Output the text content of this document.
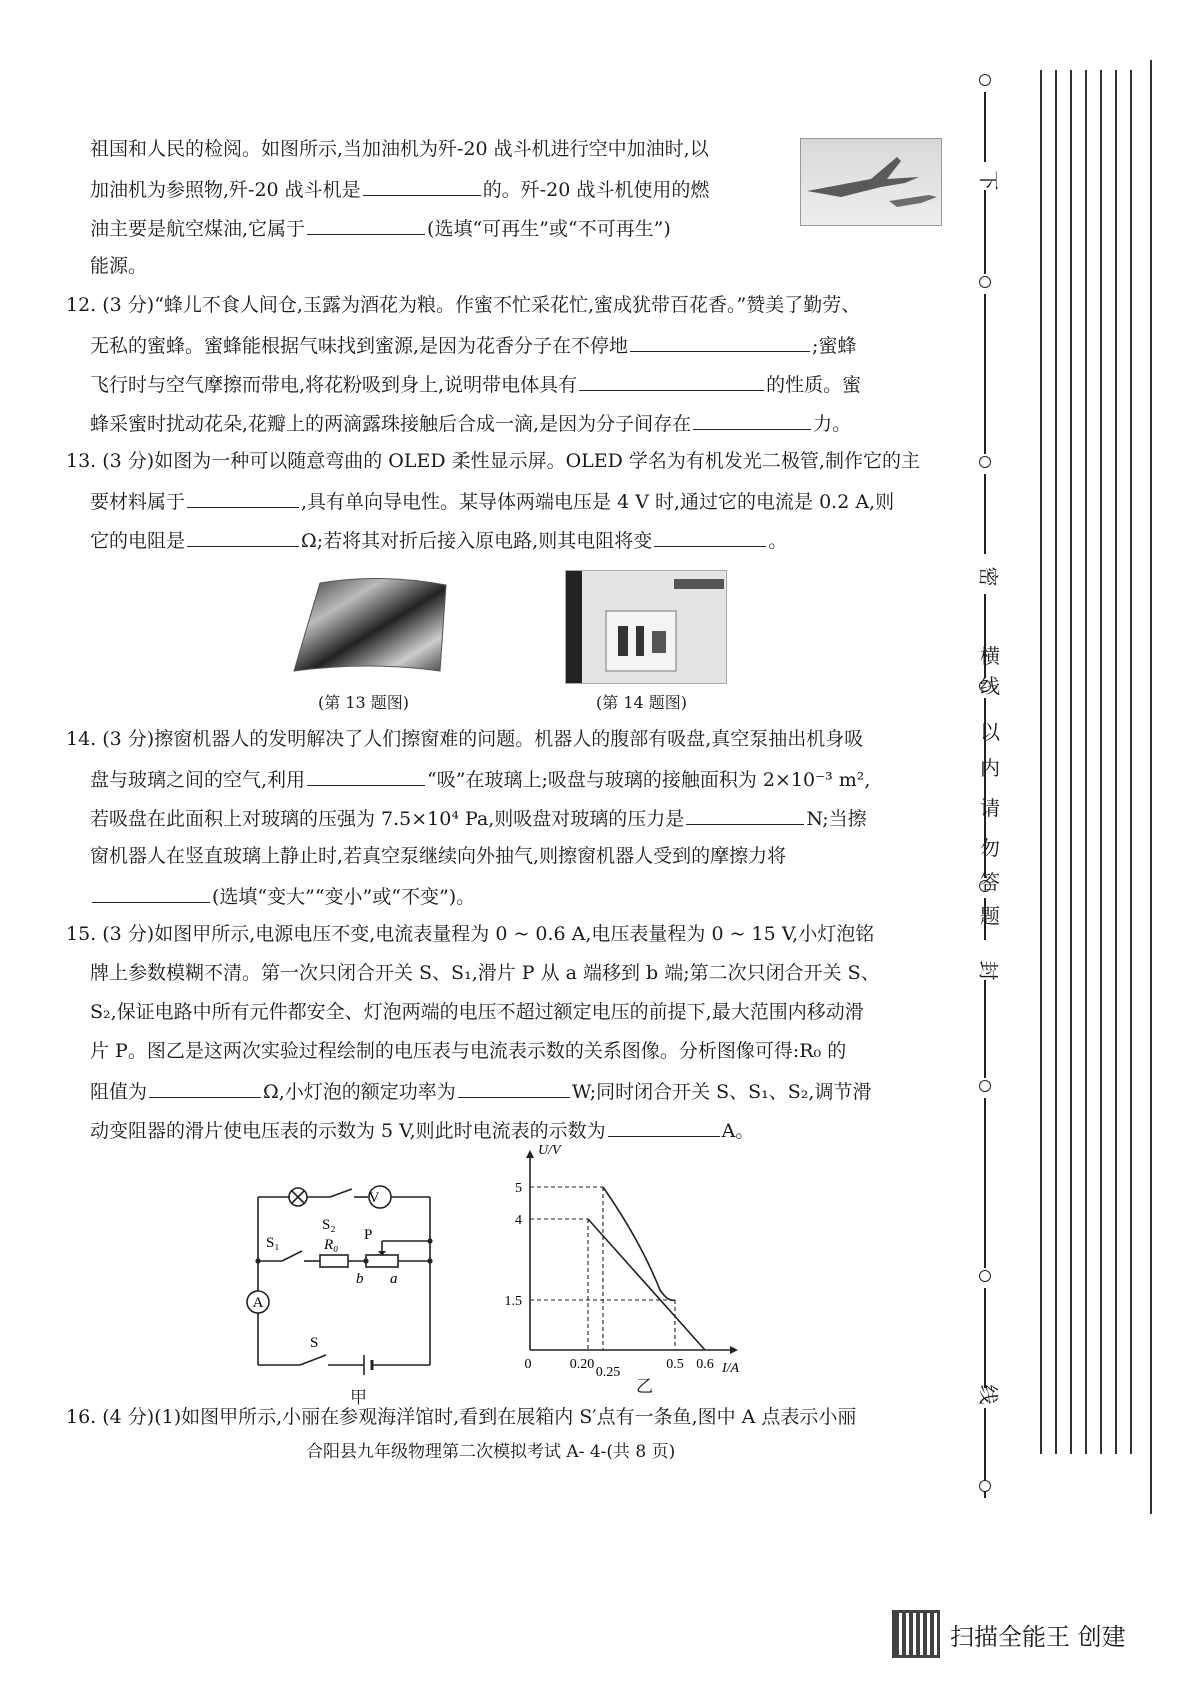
祖国和人民的检阅。如图所示,当加油机为歼-20 战斗机进行空中加油时,以
加油机为参照物,歼-20 战斗机是	的。歼-20 战斗机使用的燃
油主要是航空煤油,它属于	(选填“可再生”或“不可再生”)
能源。
12. (3 分)“蜂儿不食人间仓,玉露为酒花为粮。作蜜不忙采花忙,蜜成犹带百花香。”赞美了勤劳、
无私的蜜蜂。蜜蜂能根据气味找到蜜源,是因为花香分子在不停地	;蜜蜂
飞行时与空气摩擦而带电,将花粉吸到身上,说明带电体具有	的性质。蜜
蜂采蜜时扰动花朵,花瓣上的两滴露珠接触后合成一滴,是因为分子间存在	力。
13. (3 分)如图为一种可以随意弯曲的 OLED 柔性显示屏。OLED 学名为有机发光二极管,制作它的主
要材料属于	,具有单向导电性。某导体两端电压是 4 V 时,通过它的电流是 0.2 A,则
它的电阻是	Ω;若将其对折后接入原电路,则其电阻将变	。
(第 13 题图)	(第 14 题图)
14. (3 分)擦窗机器人的发明解决了人们擦窗难的问题。机器人的腹部有吸盘,真空泵抽出机身吸
盘与玻璃之间的空气,利用	“吸”在玻璃上;吸盘与玻璃的接触面积为 2×10⁻³ m²,
若吸盘在此面积上对玻璃的压强为 7.5×10⁴ Pa,则吸盘对玻璃的压力是	N;当擦
窗机器人在竖直玻璃上静止时,若真空泵继续向外抽气,则擦窗机器人受到的摩擦力将
(选填“变大”“变小”或“不变”)。
15. (3 分)如图甲所示,电源电压不变,电流表量程为 0 ~ 0.6 A,电压表量程为 0 ~ 15 V,小灯泡铭
牌上参数模糊不清。第一次只闭合开关 S、S₁,滑片 P 从 a 端移到 b 端;第二次只闭合开关 S、
S₂,保证电路中所有元件都安全、灯泡两端的电压不超过额定电压的前提下,最大范围内移动滑
片 P。图乙是这两次实验过程绘制的电压表与电流表示数的关系图像。分析图像可得:R₀ 的
阻值为	Ω,小灯泡的额定功率为	W;同时闭合开关 S、S₁、S₂,调节滑
动变阻器的滑片使电压表的示数为 5 V,则此时电流表的示数为	A。
S₂
S₁	R₀
P
b a
S
V
A
甲
U/V
I/A
5
4
1.5
0	0.20
0.25
0.5 0.6
乙
16. (4 分)(1)如图甲所示,小丽在参观海洋馆时,看到在展箱内 S′点有一条鱼,图中 A 点表示小丽
合阳县九年级物理第二次模拟考试 A- 4-(共 8 页)
下
密
横
线
以
内
请
勿
答
题
封
线
扫描全能王 创建
